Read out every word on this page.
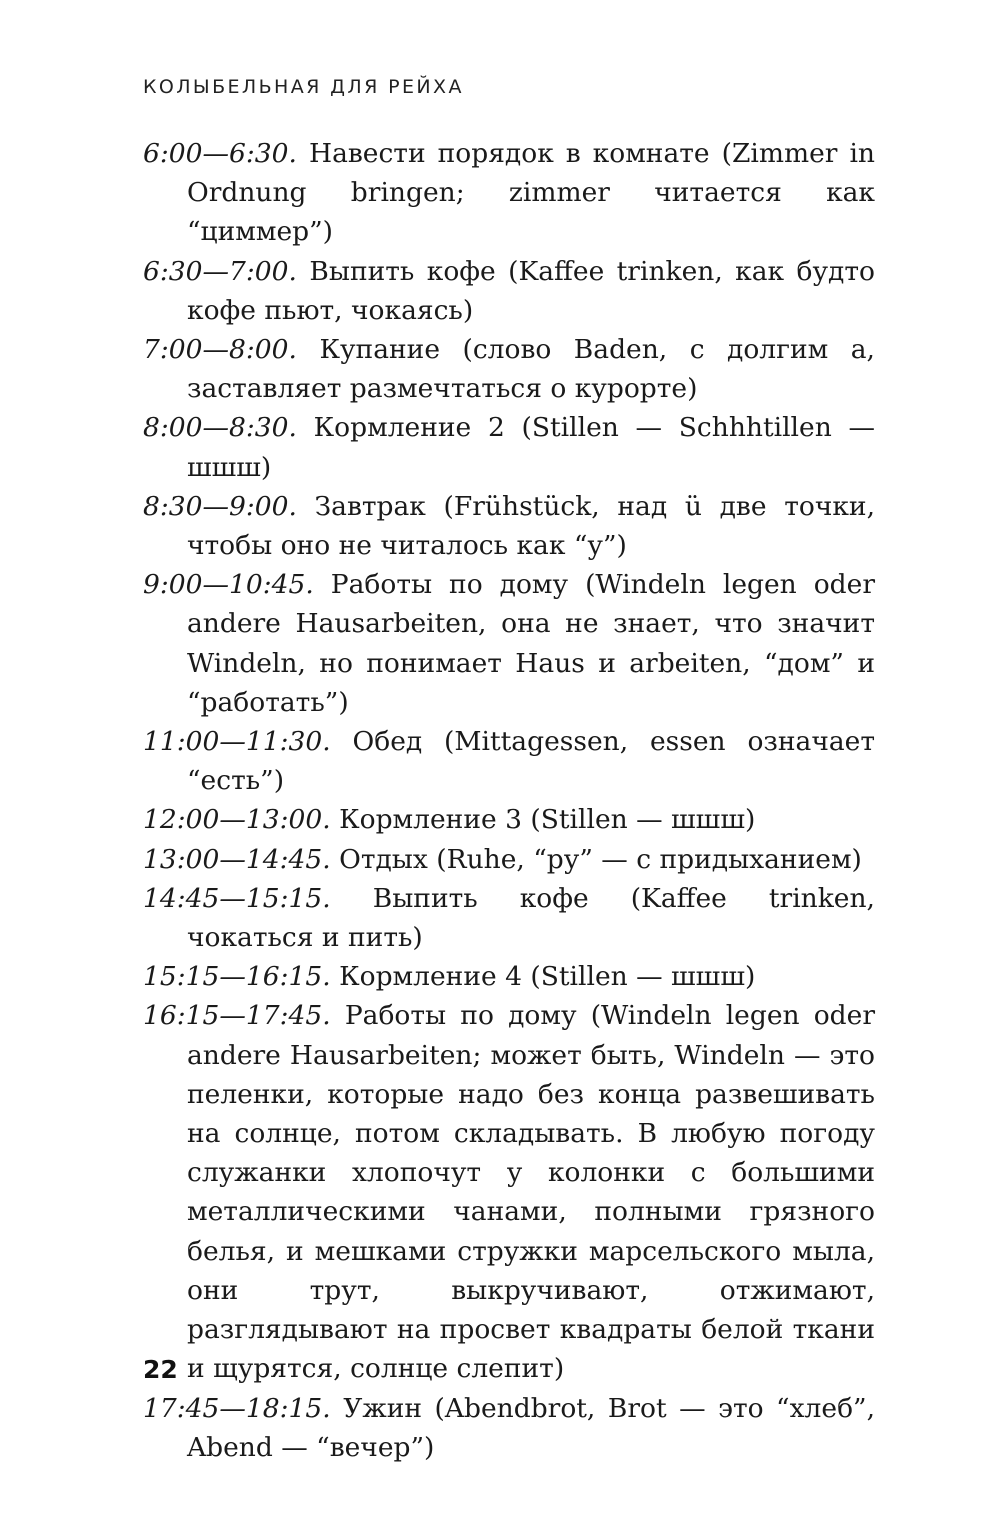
КОЛЫБЕЛЬНАЯ ДЛЯ РЕЙХА

6:00—6:30. Навести порядок в комнате (Zimmer in Ordnung bringen; zimmer читается как “циммер”)

6:30—7:00. Выпить кофе (Kaffee trinken, как будто кофе пьют, чокаясь)

7:00—8:00. Купание (слово Baden, с долгим a, заставляет размечтаться о курорте)

8:00—8:30. Кормление 2 (Stillen — Schhhtillen — шшш)

8:30—9:00. Завтрак (Frühstück, над ü две точки, чтобы оно не читалось как “у”)

9:00—10:45. Работы по дому (Windeln legen oder andere Hausarbeiten, она не знает, что значит Windeln, но понимает Haus и arbeiten, “дом” и “работать”)

11:00—11:30. Обед (Mittagessen, essen означает “есть”)

12:00—13:00. Кормление 3 (Stillen — шшш)

13:00—14:45. Отдых (Ruhe, “ру” — с придыханием)

14:45—15:15. Выпить кофе (Kaffee trinken, чокаться и пить)

15:15—16:15. Кормление 4 (Stillen — шшш)

16:15—17:45. Работы по дому (Windeln legen oder andere Hausarbeiten; может быть, Windeln — это пеленки, которые надо без конца развешивать на солнце, потом складывать. В любую погоду служанки хлопочут у колонки с большими металлическими чанами, полными грязного белья, и мешками стружки марсельского мыла, они трут, выкручивают, отжимают, разглядывают на просвет квадраты белой ткани и щурятся, солнце слепит)

17:45—18:15. Ужин (Abendbrot, Brot — это “хлеб”, Abend — “вечер”)

22
